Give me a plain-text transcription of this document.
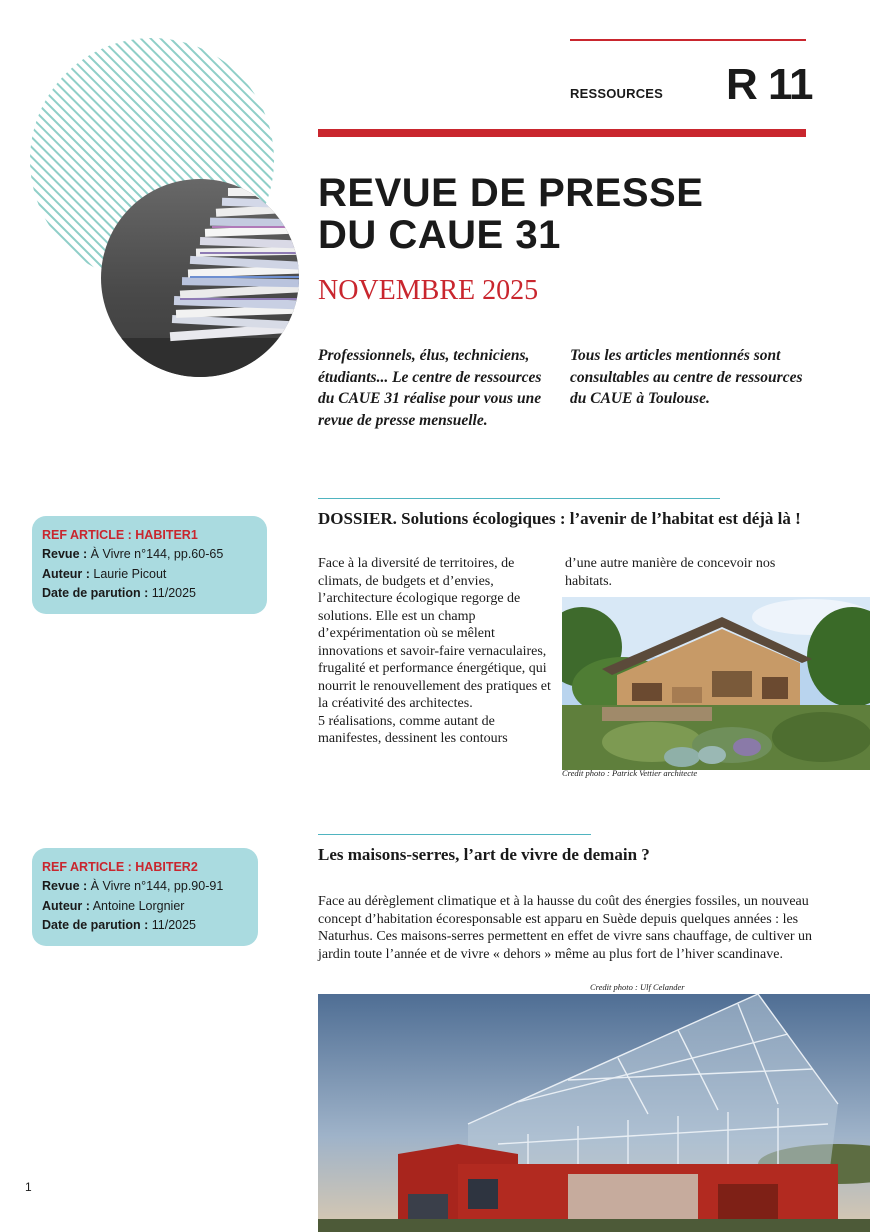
RESSOURCES R 11
REVUE DE PRESSE
DU CAUE 31
NOVEMBRE 2025
Professionnels, élus, techniciens, étudiants... Le centre de ressources du CAUE 31 réalise pour vous une revue de presse mensuelle.
Tous les articles mentionnés sont consultables au centre de ressources du CAUE à Toulouse.
REF ARTICLE : HABITER1
Revue : À Vivre n°144, pp.60-65
Auteur : Laurie Picout
Date de parution : 11/2025
DOSSIER. Solutions écologiques : l’avenir de l’habitat est déjà là !
Face à la diversité de territoires, de climats, de budgets et d’envies, l’architecture écologique regorge de solutions. Elle est un champ d’expérimentation où se mêlent innovations et savoir-faire vernaculaires, frugalité et performance énergétique, qui nourrit le renouvellement des pratiques et la créativité des architectes.
5 réalisations, comme autant de manifestes, dessinent les contours
d’une autre manière de concevoir nos habitats.
Credit photo : Patrick Vettier architecte
REF ARTICLE : HABITER2
Revue : À Vivre n°144, pp.90-91
Auteur : Antoine Lorgnier
Date de parution : 11/2025
Les maisons-serres, l’art de vivre de demain ?
Face au dérèglement climatique et à la hausse du coût des énergies fossiles, un nouveau concept d’habitation écoresponsable est apparu en Suède depuis quelques années : les Naturhus. Ces maisons-serres permettent en effet de vivre sans chauffage, de cultiver un jardin toute l’année et de vivre « dehors » même au plus fort de l’hiver scandinave.
Credit photo : Ulf Celander
1
